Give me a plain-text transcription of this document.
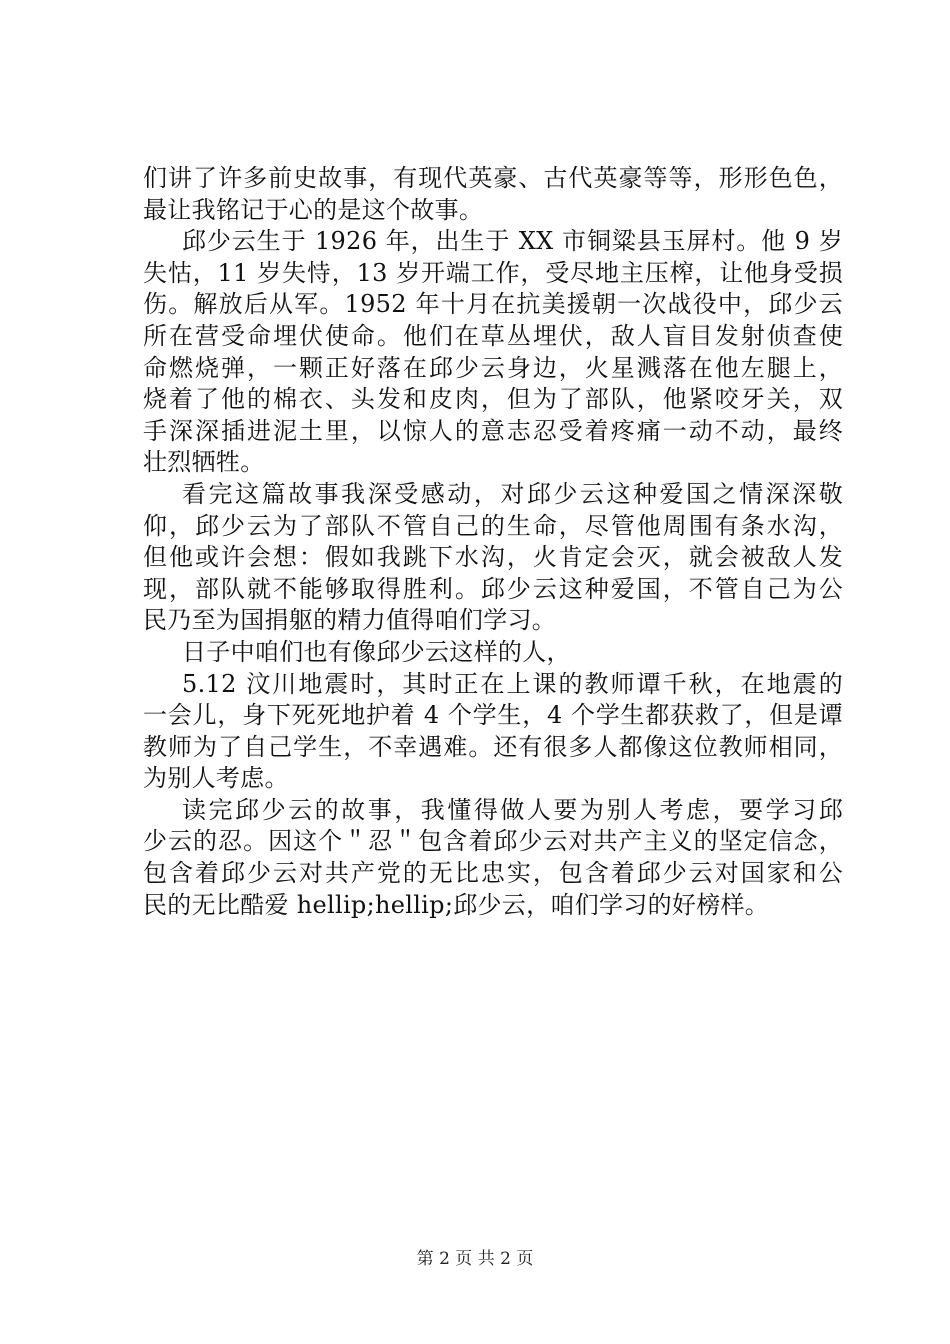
们讲了许多前史故事，有现代英豪、古代英豪等等，形形色色，
最让我铭记于心的是这个故事。
邱少云生于 1926 年，出生于 XX 市铜粱县玉屏村。他 9 岁
失怙，11 岁失恃，13 岁开端工作，受尽地主压榨，让他身受损
伤。解放后从军。1952 年十月在抗美援朝一次战役中，邱少云
所在营受命埋伏使命。他们在草丛埋伏，敌人盲目发射侦查使
命燃烧弹，一颗正好落在邱少云身边，火星溅落在他左腿上，
烧着了他的棉衣、头发和皮肉，但为了部队，他紧咬牙关，双
手深深插进泥土里，以惊人的意志忍受着疼痛一动不动，最终
壮烈牺牲。
看完这篇故事我深受感动，对邱少云这种爱国之情深深敬
仰，邱少云为了部队不管自己的生命，尽管他周围有条水沟，
但他或许会想：假如我跳下水沟，火肯定会灭，就会被敌人发
现，部队就不能够取得胜利。邱少云这种爱国，不管自己为公
民乃至为国捐躯的精力值得咱们学习。
日子中咱们也有像邱少云这样的人，
5.12 汶川地震时，其时正在上课的教师谭千秋，在地震的
一会儿，身下死死地护着 4 个学生，4 个学生都获救了，但是谭
教师为了自己学生，不幸遇难。还有很多人都像这位教师相同，
为别人考虑。
读完邱少云的故事，我懂得做人要为别人考虑，要学习邱
少云的忍。因这个＂忍＂包含着邱少云对共产主义的坚定信念，
包含着邱少云对共产党的无比忠实，包含着邱少云对国家和公
民的无比酷爱 hellip;hellip;邱少云，咱们学习的好榜样。
第 2 页 共 2 页
